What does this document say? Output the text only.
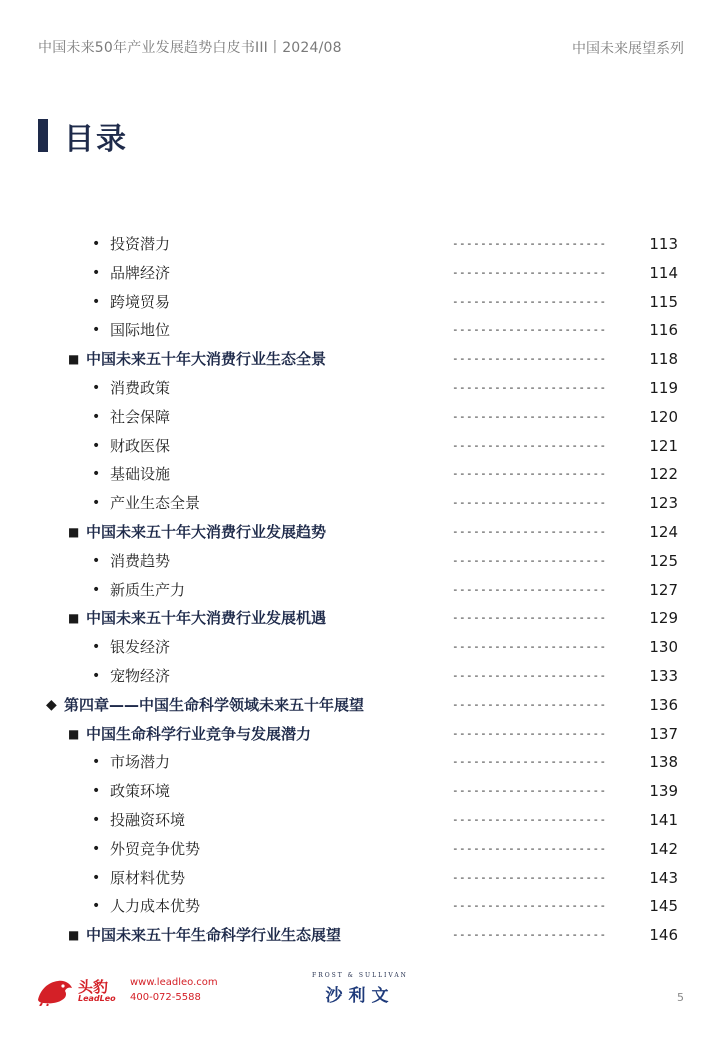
中国未来50年产业发展趋势白皮书III丨2024/08	中国未来展望系列
目录
• 投资潜力	----------------------	113
• 品牌经济	----------------------	114
• 跨境贸易	----------------------	115
• 国际地位	----------------------	116
■ 中国未来五十年大消费行业生态全景	----------------------	118
• 消费政策	----------------------	119
• 社会保障	----------------------	120
• 财政医保	----------------------	121
• 基础设施	----------------------	122
• 产业生态全景	----------------------	123
■ 中国未来五十年大消费行业发展趋势	----------------------	124
• 消费趋势	----------------------	125
• 新质生产力	----------------------	127
■ 中国未来五十年大消费行业发展机遇	----------------------	129
• 银发经济	----------------------	130
• 宠物经济	----------------------	133
◆ 第四章——中国生命科学领域未来五十年展望	----------------------	136
■ 中国生命科学行业竞争与发展潜力	----------------------	137
• 市场潜力	----------------------	138
• 政策环境	----------------------	139
• 投融资环境	----------------------	141
• 外贸竞争优势	----------------------	142
• 原材料优势	----------------------	143
• 人力成本优势	----------------------	145
■ 中国未来五十年生命科学行业生态展望	----------------------	146
头豹
LeadLeo
www.leadleo.com
400-072-5588
FROST & SULLIVAN
沙利文	5
